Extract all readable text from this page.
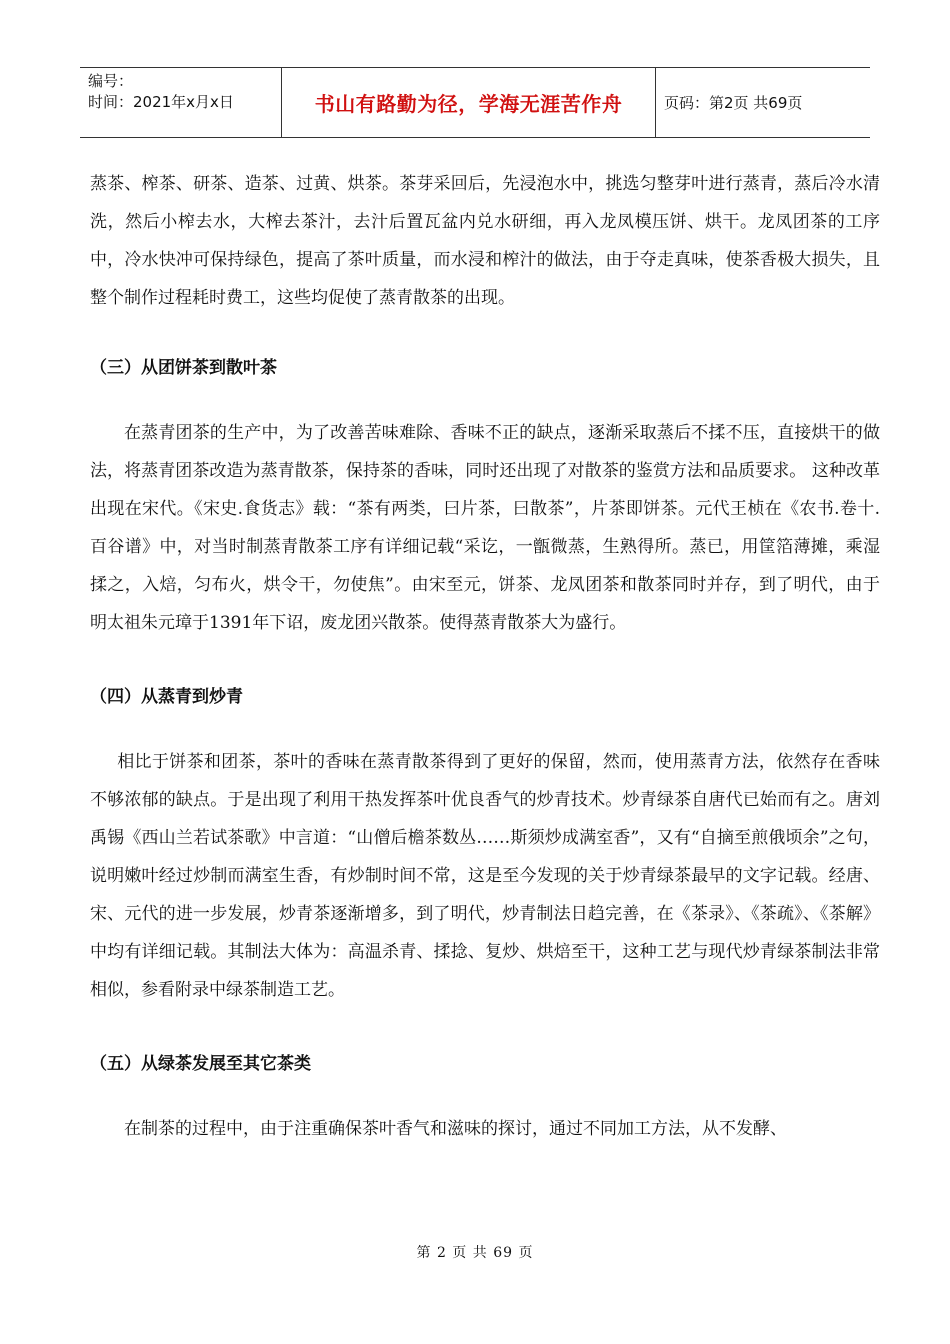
编号：
时间：2021年x月x日	书山有路勤为径，学海无涯苦作舟	页码：第2页 共69页

蒸茶、榨茶、研茶、造茶、过黄、烘茶。茶芽采回后，先浸泡水中，挑选匀整芽叶进行蒸青，蒸后冷水清洗，然后小榨去水，大榨去茶汁，去汁后置瓦盆内兑水研细，再入龙凤模压饼、烘干。龙凤团茶的工序中，冷水快冲可保持绿色，提高了茶叶质量，而水浸和榨汁的做法，由于夺走真味，使茶香极大损失，且整个制作过程耗时费工，这些均促使了蒸青散茶的出现。

（三）从团饼茶到散叶茶

在蒸青团茶的生产中，为了改善苦味难除、香味不正的缺点，逐渐采取蒸后不揉不压，直接烘干的做法，将蒸青团茶改造为蒸青散茶，保持茶的香味，同时还出现了对散茶的鉴赏方法和品质要求。 这种改革出现在宋代。《宋史.食货志》载：“茶有两类，曰片茶，曰散茶”，片茶即饼茶。元代王桢在《农书.卷十.百谷谱》中，对当时制蒸青散茶工序有详细记载“采讫，一甑微蒸，生熟得所。蒸已，用筐箔薄摊，乘湿揉之，入焙，匀布火，烘令干，勿使焦”。由宋至元，饼茶、龙凤团茶和散茶同时并存，到了明代，由于明太祖朱元璋于1391年下诏，废龙团兴散茶。使得蒸青散茶大为盛行。

（四）从蒸青到炒青

相比于饼茶和团茶，茶叶的香味在蒸青散茶得到了更好的保留，然而，使用蒸青方法，依然存在香味不够浓郁的缺点。于是出现了利用干热发挥茶叶优良香气的炒青技术。炒青绿茶自唐代已始而有之。唐刘禹锡《西山兰若试茶歌》中言道：“山僧后檐茶数丛……斯须炒成满室香”，又有“自摘至煎俄顷余”之句，说明嫩叶经过炒制而满室生香，有炒制时间不常，这是至今发现的关于炒青绿茶最早的文字记载。经唐、宋、元代的进一步发展，炒青茶逐渐增多，到了明代，炒青制法日趋完善，在《茶录》、《茶疏》、《茶解》中均有详细记载。其制法大体为：高温杀青、揉捻、复炒、烘焙至干，这种工艺与现代炒青绿茶制法非常相似，参看附录中绿茶制造工艺。

（五）从绿茶发展至其它茶类

在制茶的过程中，由于注重确保茶叶香气和滋味的探讨，通过不同加工方法，从不发酵、

第 2 页 共 69 页
